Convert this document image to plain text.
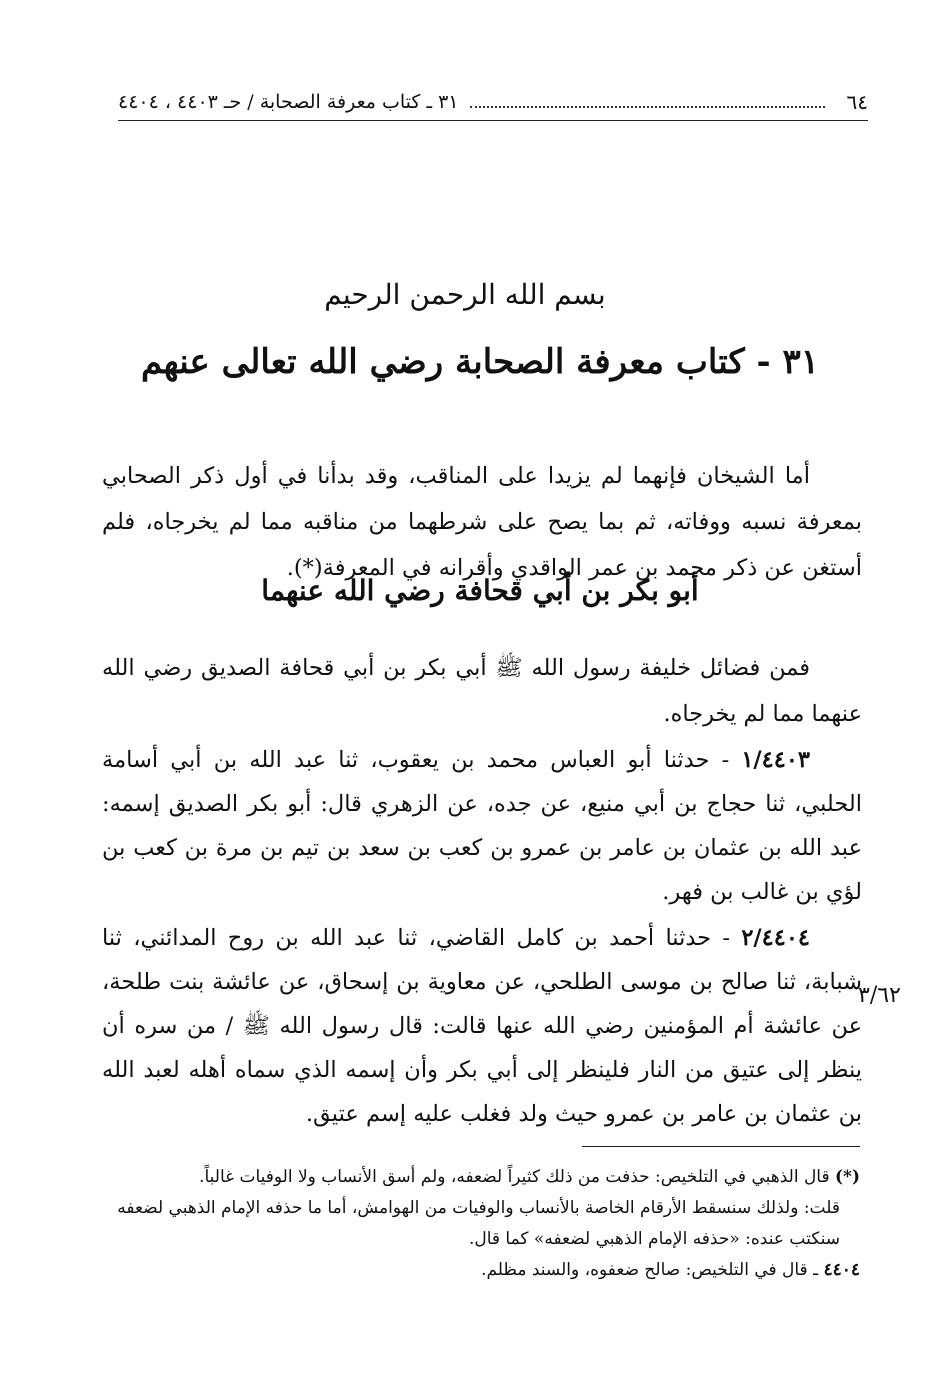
٦٤
٣١ ـ كتاب معرفة الصحابة / حـ ٤٤٠٣ ، ٤٤٠٤
بسم الله الرحمن الرحيم
٣١ - كتاب معرفة الصحابة رضي الله تعالى عنهم

أما الشيخان فإنهما لم يزيدا على المناقب، وقد بدأنا في أول ذكر الصحابي بمعرفة نسبه ووفاته، ثم بما يصح على شرطهما من مناقبه مما لم يخرجاه، فلم أستغن عن ذكر محمد بن عمر الواقدي وأقرانه في المعرفة(*).

أبو بكر بن أبي قحافة رضي الله عنهما

فمن فضائل خليفة رسول الله ﷺ أبي بكر بن أبي قحافة الصديق رضي الله عنهما مما لم يخرجاه.

١/٤٤٠٣ - حدثنا أبو العباس محمد بن يعقوب، ثنا عبد الله بن أبي أسامة الحلبي، ثنا حجاج بن أبي منيع، عن جده، عن الزهري قال: أبو بكر الصديق إسمه: عبد الله بن عثمان بن عامر بن عمرو بن كعب بن سعد بن تيم بن مرة بن كعب بن لؤي بن غالب بن فهر.

٢/٤٤٠٤ - حدثنا أحمد بن كامل القاضي، ثنا عبد الله بن روح المدائني، ثنا شبابة، ثنا صالح بن موسى الطلحي، عن معاوية بن إسحاق، عن عائشة بنت طلحة، عن عائشة أم المؤمنين رضي الله عنها قالت: قال رسول الله ﷺ / من سره أن ينظر إلى عتيق من النار فلينظر إلى أبي بكر وأن إسمه الذي سماه أهله لعبد الله بن عثمان بن عامر بن عمرو حيث ولد فغلب عليه إسم عتيق.

٣/٦٢

(*) قال الذهبي في التلخيص: حذفت من ذلك كثيراً لضعفه، ولم أسق الأنساب ولا الوفيات غالباً.

قلت: ولذلك سنسقط الأرقام الخاصة بالأنساب والوفيات من الهوامش، أما ما حذفه الإمام الذهبي لضعفه سنكتب عنده: «حذفه الإمام الذهبي لضعفه» كما قال.

٤٤٠٤ ـ قال في التلخيص: صالح ضعفوه، والسند مظلم.
